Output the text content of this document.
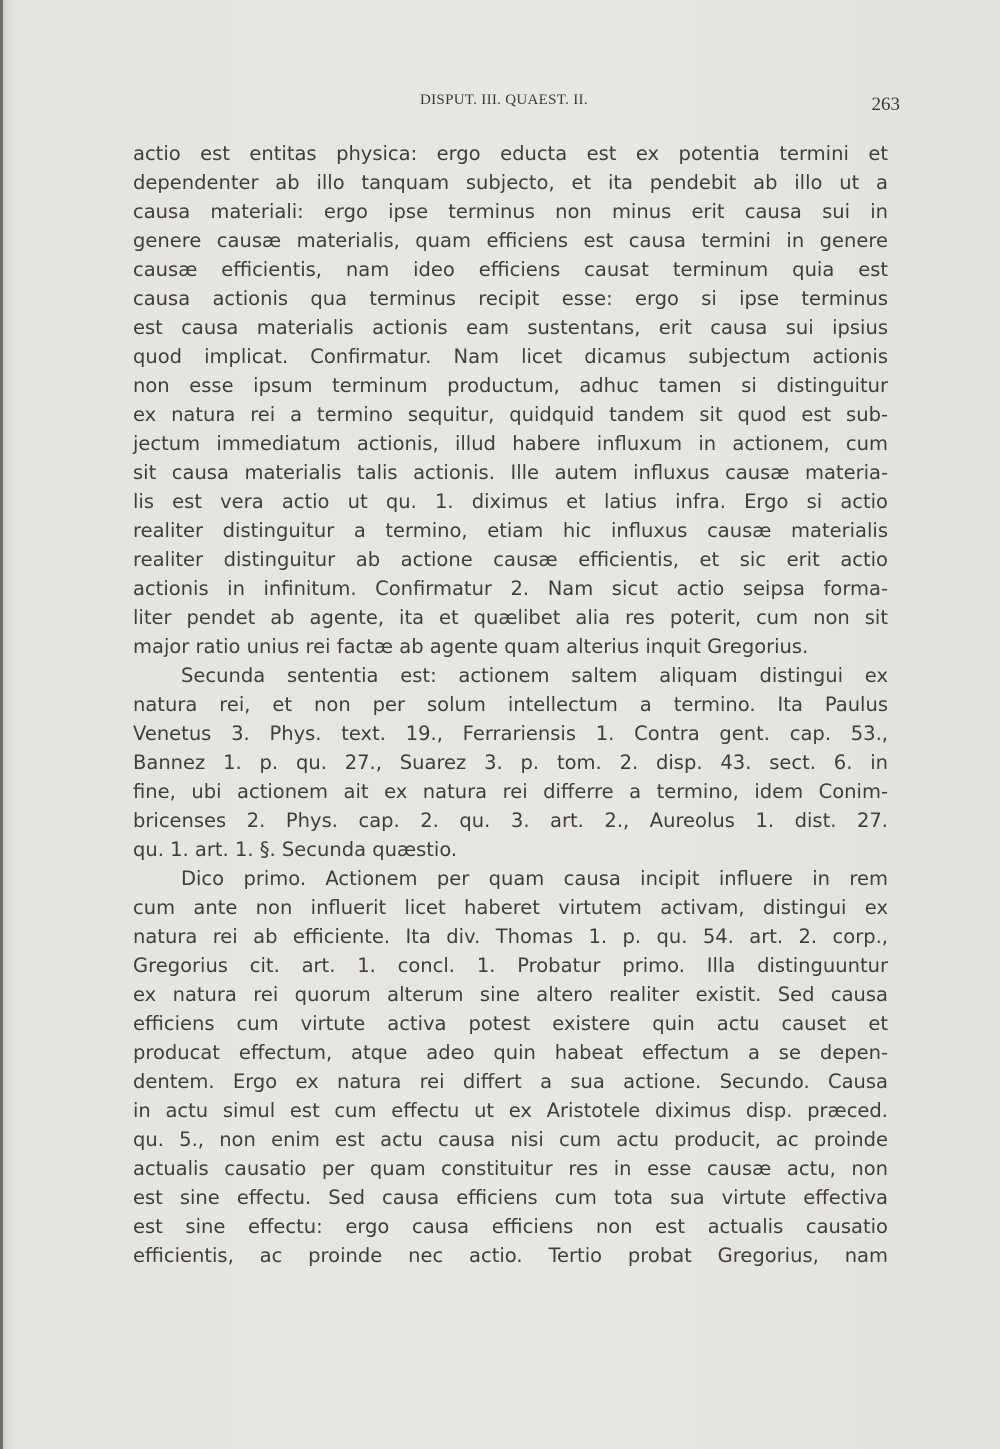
DISPUT. III. QUAEST. II.	263
actio est entitas physica: ergo educta est ex potentia termini et
dependenter ab illo tanquam subjecto, et ita pendebit ab illo ut a
causa materiali: ergo ipse terminus non minus erit causa sui in
genere causæ materialis, quam efficiens est causa termini in genere
causæ efficientis, nam ideo efficiens causat terminum quia est
causa actionis qua terminus recipit esse: ergo si ipse terminus
est causa materialis actionis eam sustentans, erit causa sui ipsius
quod implicat. Confirmatur. Nam licet dicamus subjectum actionis
non esse ipsum terminum productum, adhuc tamen si distinguitur
ex natura rei a termino sequitur, quidquid tandem sit quod est sub-
jectum immediatum actionis, illud habere influxum in actionem, cum
sit causa materialis talis actionis. Ille autem influxus causæ materia-
lis est vera actio ut qu. 1. diximus et latius infra. Ergo si actio
realiter distinguitur a termino, etiam hic influxus causæ materialis
realiter distinguitur ab actione causæ efficientis, et sic erit actio
actionis in infinitum. Confirmatur 2. Nam sicut actio seipsa forma-
liter pendet ab agente, ita et quælibet alia res poterit, cum non sit
major ratio unius rei factæ ab agente quam alterius inquit Gregorius.
Secunda sententia est: actionem saltem aliquam distingui ex
natura rei, et non per solum intellectum a termino. Ita Paulus
Venetus 3. Phys. text. 19., Ferrariensis 1. Contra gent. cap. 53.,
Bannez 1. p. qu. 27., Suarez 3. p. tom. 2. disp. 43. sect. 6. in
fine, ubi actionem ait ex natura rei differre a termino, idem Conim-
bricenses 2. Phys. cap. 2. qu. 3. art. 2., Aureolus 1. dist. 27.
qu. 1. art. 1. §. Secunda quæstio.
Dico primo. Actionem per quam causa incipit influere in rem
cum ante non influerit licet haberet virtutem activam, distingui ex
natura rei ab efficiente. Ita div. Thomas 1. p. qu. 54. art. 2. corp.,
Gregorius cit. art. 1. concl. 1. Probatur primo. Illa distinguuntur
ex natura rei quorum alterum sine altero realiter existit. Sed causa
efficiens cum virtute activa potest existere quin actu causet et
producat effectum, atque adeo quin habeat effectum a se depen-
dentem. Ergo ex natura rei differt a sua actione. Secundo. Causa
in actu simul est cum effectu ut ex Aristotele diximus disp. præced.
qu. 5., non enim est actu causa nisi cum actu producit, ac proinde
actualis causatio per quam constituitur res in esse causæ actu, non
est sine effectu. Sed causa efficiens cum tota sua virtute effectiva
est sine effectu: ergo causa efficiens non est actualis causatio
efficientis, ac proinde nec actio. Tertio probat Gregorius, nam
